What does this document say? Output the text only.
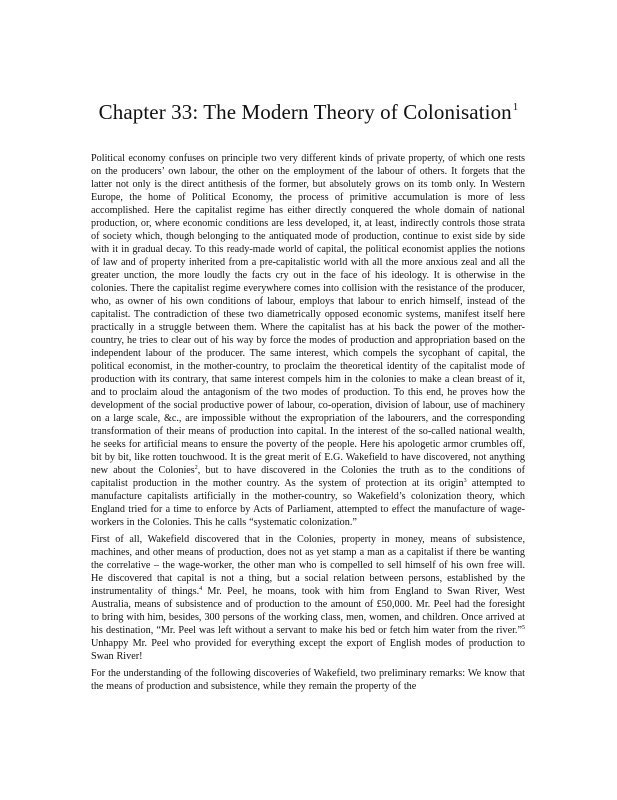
Chapter 33: The Modern Theory of Colonisation$^1$

Political economy confuses on principle two very different kinds of private property, of which one rests on the producers’ own labour, the other on the employment of the labour of others. It forgets that the latter not only is the direct antithesis of the former, but absolutely grows on its tomb only. In Western Europe, the home of Political Economy, the process of primitive accumulation is more of less accomplished. Here the capitalist regime has either directly conquered the whole domain of national production, or, where economic conditions are less developed, it, at least, indirectly controls those strata of society which, though belonging to the antiquated mode of production, continue to exist side by side with it in gradual decay. To this ready-made world of capital, the political economist applies the notions of law and of property inherited from a pre-capitalistic world with all the more anxious zeal and all the greater unction, the more loudly the facts cry out in the face of his ideology. It is otherwise in the colonies. There the capitalist regime everywhere comes into collision with the resistance of the producer, who, as owner of his own conditions of labour, employs that labour to enrich himself, instead of the capitalist. The contradiction of these two diametrically opposed economic systems, manifest itself here practically in a struggle between them. Where the capitalist has at his back the power of the mother-country, he tries to clear out of his way by force the modes of production and appropriation based on the independent labour of the producer. The same interest, which compels the sycophant of capital, the political economist, in the mother-country, to proclaim the theoretical identity of the capitalist mode of production with its contrary, that same interest compels him in the colonies to make a clean breast of it, and to proclaim aloud the antagonism of the two modes of production. To this end, he proves how the development of the social productive power of labour, co-operation, division of labour, use of machinery on a large scale, &c., are impossible without the expropriation of the labourers, and the corresponding transformation of their means of production into capital. In the interest of the so-called national wealth, he seeks for artificial means to ensure the poverty of the people. Here his apologetic armor crumbles off, bit by bit, like rotten touchwood. It is the great merit of E.G. Wakefield to have discovered, not anything new about the Colonies$^2$, but to have discovered in the Colonies the truth as to the conditions of capitalist production in the mother country. As the system of protection at its origin$^3$ attempted to manufacture capitalists artificially in the mother-country, so Wakefield’s colonization theory, which England tried for a time to enforce by Acts of Parliament, attempted to effect the manufacture of wage-workers in the Colonies. This he calls “systematic colonization.”

First of all, Wakefield discovered that in the Colonies, property in money, means of subsistence, machines, and other means of production, does not as yet stamp a man as a capitalist if there be wanting the correlative – the wage-worker, the other man who is compelled to sell himself of his own free will. He discovered that capital is not a thing, but a social relation between persons, established by the instrumentality of things.$^4$ Mr. Peel, he moans, took with him from England to Swan River, West Australia, means of subsistence and of production to the amount of £50,000. Mr. Peel had the foresight to bring with him, besides, 300 persons of the working class, men, women, and children. Once arrived at his destination, “Mr. Peel was left without a servant to make his bed or fetch him water from the river.”$^5$ Unhappy Mr. Peel who provided for everything except the export of English modes of production to Swan River!

For the understanding of the following discoveries of Wakefield, two preliminary remarks: We know that the means of production and subsistence, while they remain the property of the
